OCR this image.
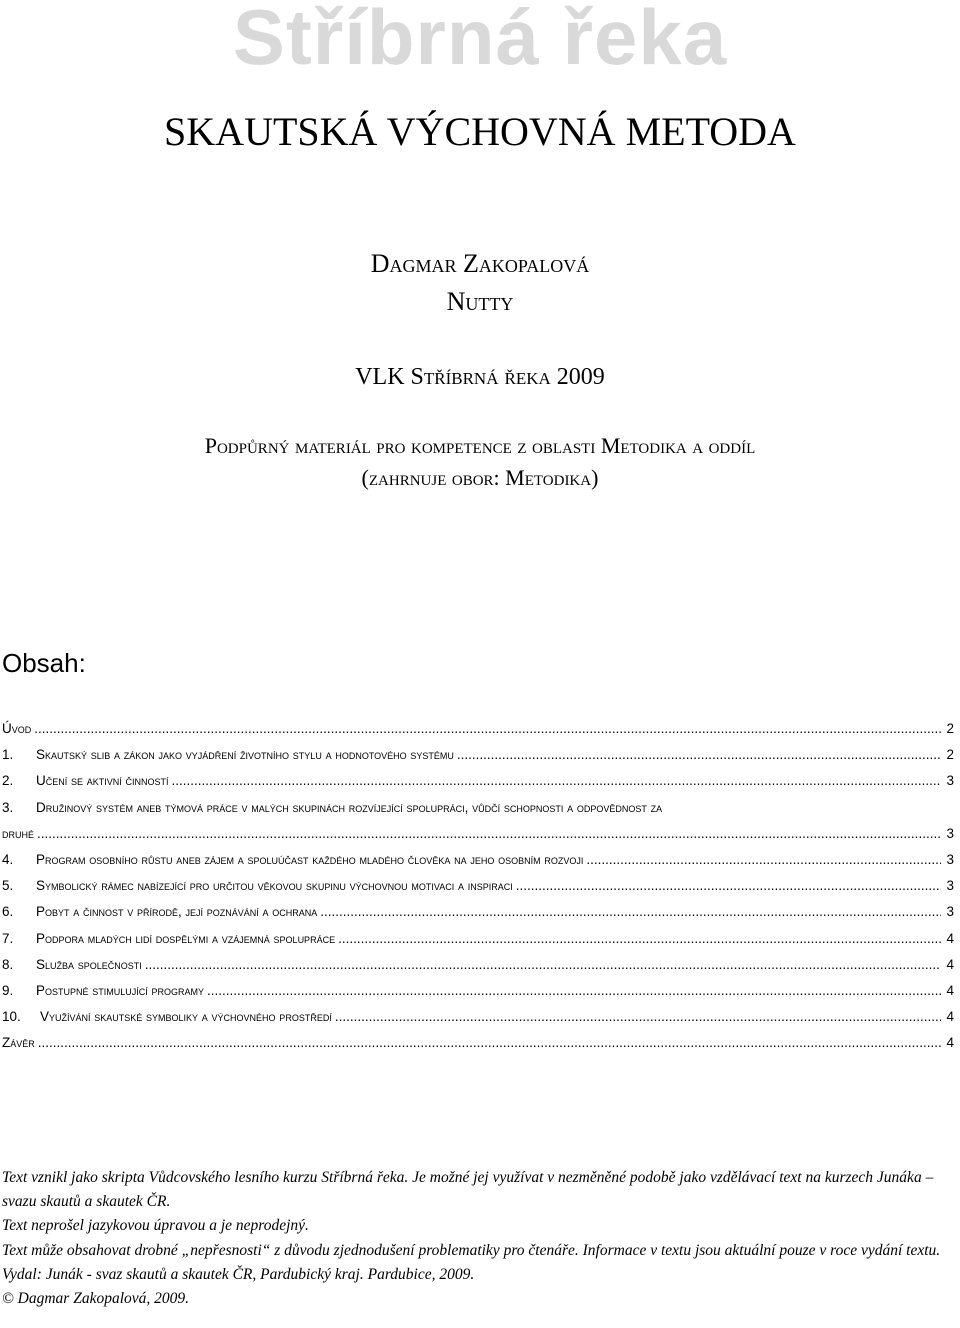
Stříbrná řeka
SKAUTSKÁ VÝCHOVNÁ METODA
Dagmar Zakopalová
Nutty
VLK Stříbrná řeka 2009
Podpůrný materiál pro kompetence z oblasti Metodika a oddíl
(zahrnuje obor: Metodika)
Obsah:
Úvod .....	2
1.	Skautský slib a zákon jako vyjádření životního stylu a hodnotového systému .....	2
2.	Učení se aktivní činností .....	3
3.	Družinový systém aneb týmová práce v malých skupinách rozvíjející spolupráci, vůdčí schopnosti a odpovědnost za
druhé .....	3
4.	Program osobního růstu aneb zájem a spoluúčast každého mladého člověka na jeho osobním rozvoji .....	3
5.	Symbolický rámec nabízející pro určitou věkovou skupinu výchovnou motivaci a inspiraci .....	3
6.	Pobyt a činnost v přírodě, její poznávání a ochrana .....	3
7.	Podpora mladých lidí dospělými a vzájemná spolupráce .....	4
8.	Služba společnosti .....	4
9.	Postupné stimulující programy .....	4
10.	Využívání skautské symboliky a výchovného prostředí .....	4
Závěr .....	4

Text vznikl jako skripta Vůdcovského lesního kurzu Stříbrná řeka. Je možné jej využívat v nezměněné podobě jako vzdělávací text na kurzech Junáka – svazu skautů a skautek ČR.

Text neprošel jazykovou úpravou a je neprodejný.

Text může obsahovat drobné „nepřesnosti“ z důvodu zjednodušení problematiky pro čtenáře. Informace v textu jsou aktuální pouze v roce vydání textu.

Vydal: Junák - svaz skautů a skautek ČR, Pardubický kraj. Pardubice, 2009.

© Dagmar Zakopalová, 2009.
